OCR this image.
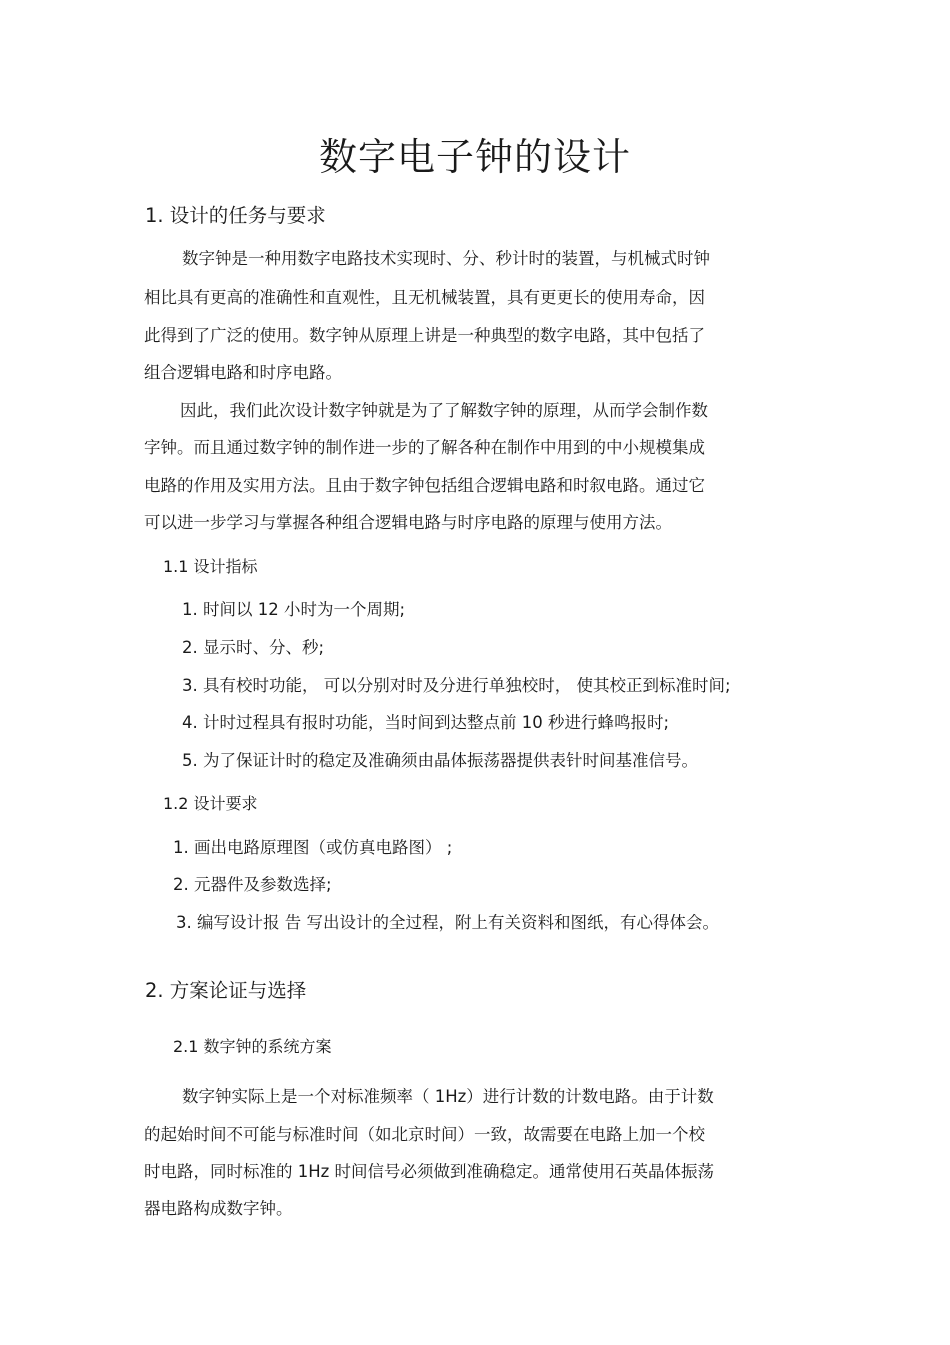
数字电子钟的设计
1. 设计的任务与要求
数字钟是一种用数字电路技术实现时、分、秒计时的装置，与机械式时钟
相比具有更高的准确性和直观性，且无机械装置，具有更更长的使用寿命，因
此得到了广泛的使用。数字钟从原理上讲是一种典型的数字电路，其中包括了
组合逻辑电路和时序电路。
因此，我们此次设计数字钟就是为了了解数字钟的原理，从而学会制作数
字钟。而且通过数字钟的制作进一步的了解各种在制作中用到的中小规模集成
电路的作用及实用方法。且由于数字钟包括组合逻辑电路和时叙电路。通过它
可以进一步学习与掌握各种组合逻辑电路与时序电路的原理与使用方法。
1.1 设计指标
1. 时间以 12 小时为一个周期;
2. 显示时、分、秒;
3. 具有校时功能， 可以分别对时及分进行单独校时， 使其校正到标准时间;
4. 计时过程具有报时功能，当时间到达整点前 10 秒进行蜂鸣报时;
5. 为了保证计时的稳定及准确须由晶体振荡器提供表针时间基准信号。
1.2 设计要求
1. 画出电路原理图（或仿真电路图） ;
2. 元器件及参数选择;
3. 编写设计报 告 写出设计的全过程，附上有关资料和图纸，有心得体会。
2. 方案论证与选择
2.1 数字钟的系统方案
数字钟实际上是一个对标准频率（ 1Hz）进行计数的计数电路。由于计数
的起始时间不可能与标准时间（如北京时间）一致，故需要在电路上加一个校
时电路，同时标准的 1Hz 时间信号必须做到准确稳定。通常使用石英晶体振荡
器电路构成数字钟。
